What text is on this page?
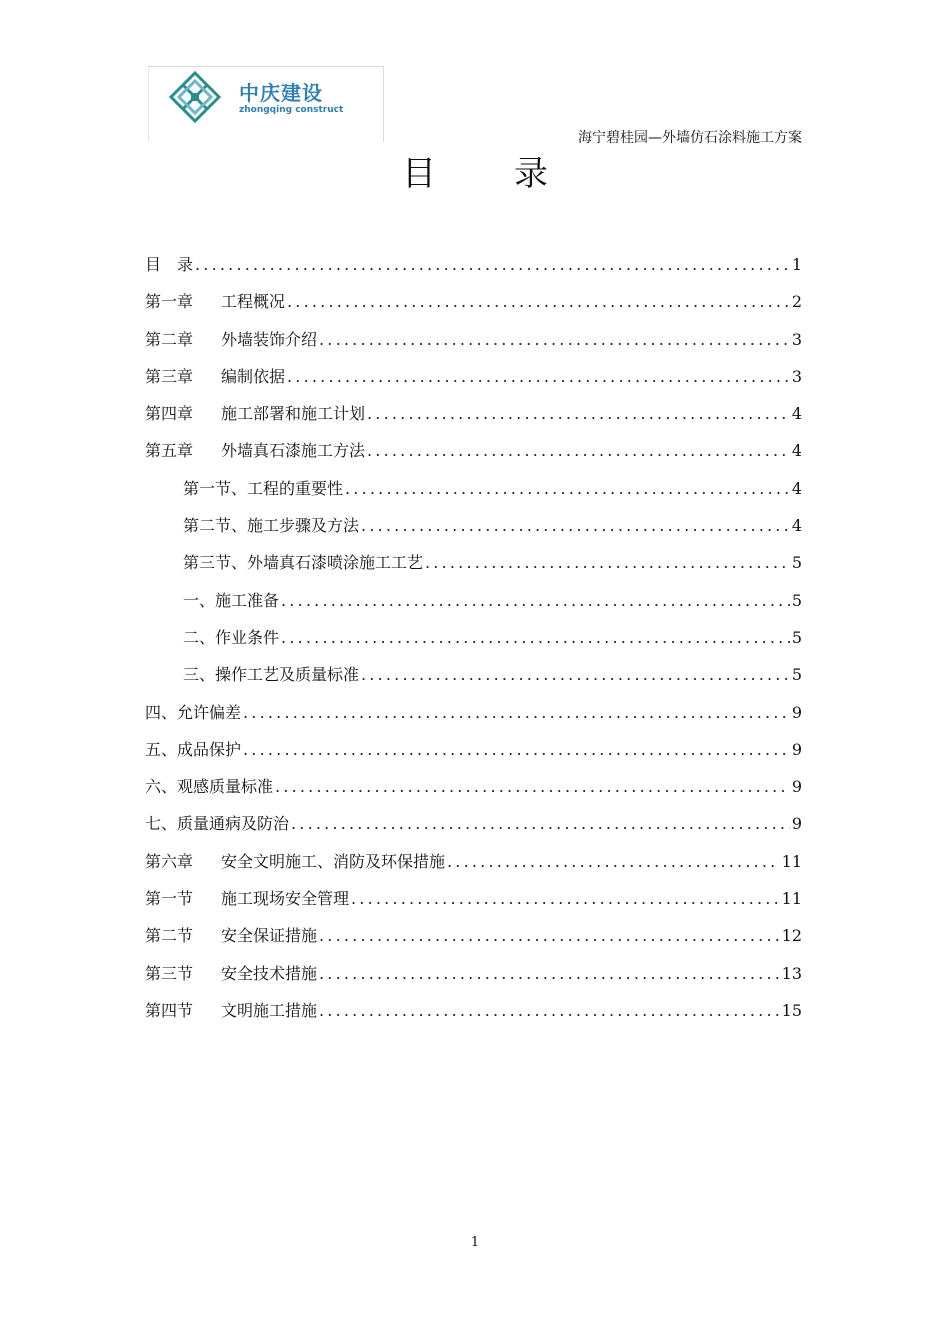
中庆建设
zhongqing construct
海宁碧桂园—外墙仿石涂料施工方案
目录
目　录 .....	1
第一章	工程概况 .....	2
第二章	外墙装饰介绍 .....	3
第三章	编制依据 .....	3
第四章	施工部署和施工计划 .....	4
第五章	外墙真石漆施工方法 .....	4
第一节、工程的重要性 .....	4
第二节、施工步骤及方法 .....	4
第三节、外墙真石漆喷涂施工工艺 .....	5
一、施工准备 .....	5
二、作业条件 .....	5
三、操作工艺及质量标准 .....	5
四、允许偏差 .....	9
五、成品保护 .....	9
六、观感质量标准 .....	9
七、质量通病及防治 .....	9
第六章	安全文明施工、消防及环保措施 .....	11
第一节	施工现场安全管理 .....	11
第二节	安全保证措施 .....	12
第三节	安全技术措施 .....	13
第四节	文明施工措施 .....	15
1
